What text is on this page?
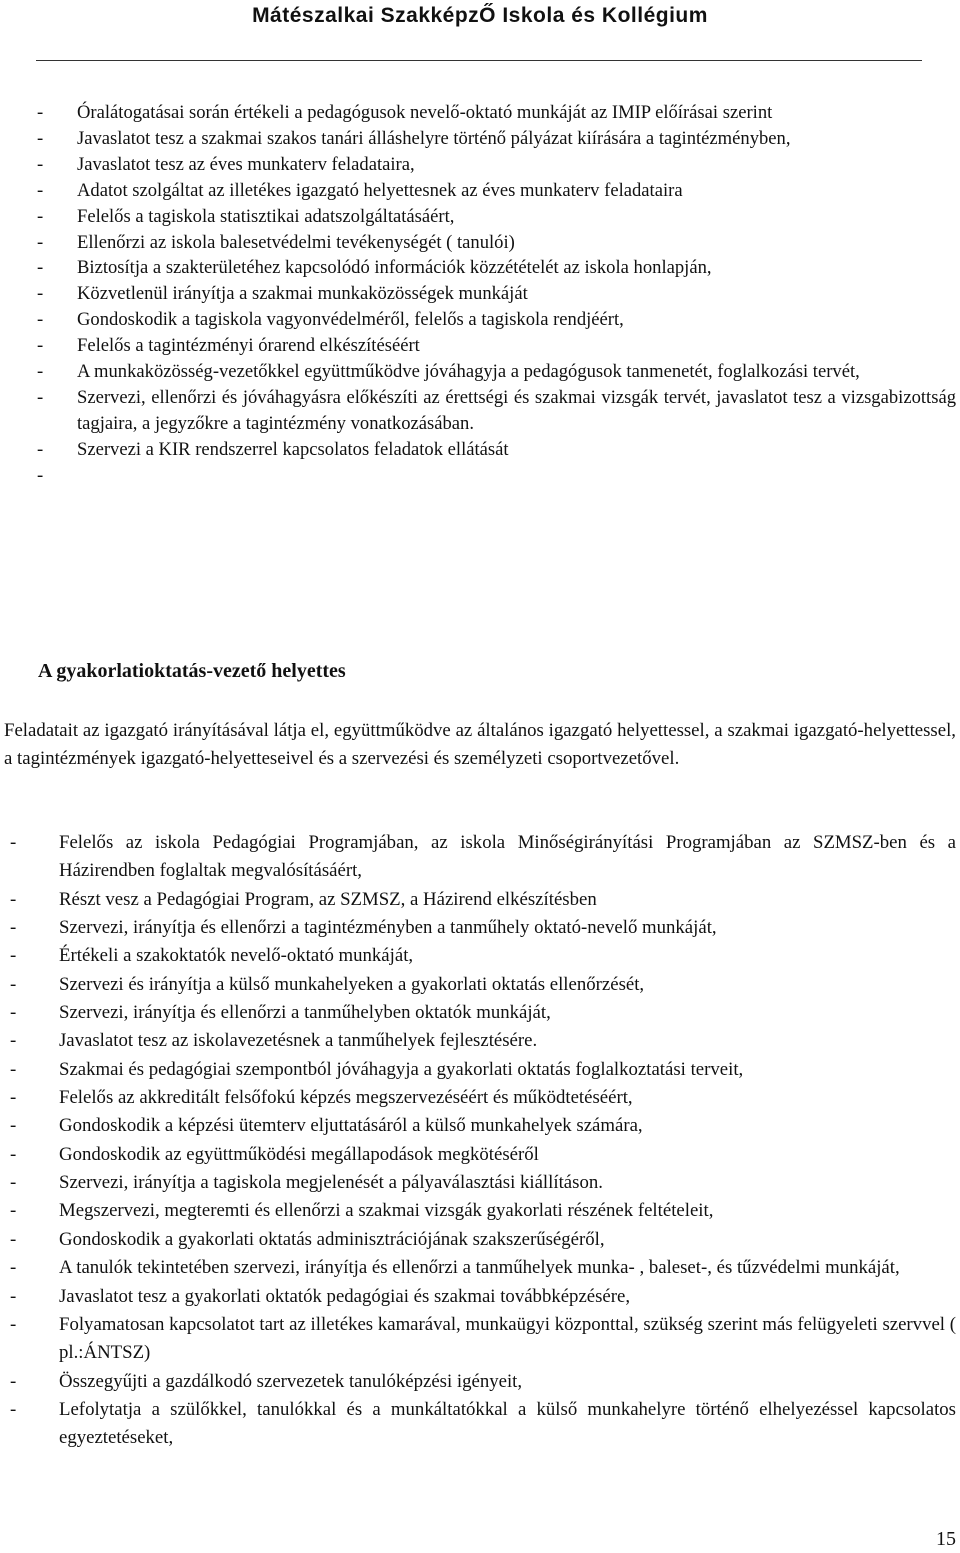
Mátészalkai SzakképzŐ Iskola és Kollégium
- Óralátogatásai során értékeli a pedagógusok nevelő-oktató munkáját az IMIP előírásai szerint
- Javaslatot tesz a szakmai szakos tanári álláshelyre történő pályázat kiírására a tagintézményben,
- Javaslatot tesz az éves munkaterv feladataira,
- Adatot szolgáltat az illetékes igazgató helyettesnek az éves munkaterv feladataira
- Felelős a tagiskola statisztikai adatszolgáltatásáért,
- Ellenőrzi az iskola balesetvédelmi tevékenységét ( tanulói)
- Biztosítja a szakterületéhez kapcsolódó információk közzétételét az iskola honlapján,
- Közvetlenül irányítja a szakmai munkaközösségek munkáját
- Gondoskodik a tagiskola vagyonvédelméről, felelős a tagiskola rendjéért,
- Felelős a tagintézményi órarend elkészítéséért
- A munkaközösség-vezetőkkel együttműködve jóváhagyja a pedagógusok tanmenetét, foglalkozási tervét,
- Szervezi, ellenőrzi és jóváhagyásra előkészíti az érettségi és szakmai vizsgák tervét, javaslatot tesz a vizsgabizottság tagjaira, a jegyzőkre a tagintézmény vonatkozásában.
- Szervezi a KIR rendszerrel kapcsolatos feladatok ellátását
-
A gyakorlatioktatás-vezető helyettes

Feladatait az igazgató irányításával látja el, együttműködve az általános igazgató helyettessel, a szakmai igazgató-helyettessel, a tagintézmények igazgató-helyetteseivel és a szervezési és személyzeti csoportvezetővel.

- Felelős az iskola Pedagógiai Programjában, az iskola Minőségirányítási Programjában az SZMSZ-ben és a Házirendben foglaltak megvalósításáért,
- Részt vesz a Pedagógiai Program, az SZMSZ, a Házirend elkészítésben
- Szervezi, irányítja és ellenőrzi a tagintézményben a tanműhely oktató-nevelő munkáját,
- Értékeli a szakoktatók nevelő-oktató munkáját,
- Szervezi és irányítja a külső munkahelyeken a gyakorlati oktatás ellenőrzését,
- Szervezi, irányítja és ellenőrzi a tanműhelyben oktatók munkáját,
- Javaslatot tesz az iskolavezetésnek a tanműhelyek fejlesztésére.
- Szakmai és pedagógiai szempontból jóváhagyja a gyakorlati oktatás foglalkoztatási terveit,
- Felelős az akkreditált felsőfokú képzés megszervezéséért és működtetéséért,
- Gondoskodik a képzési ütemterv eljuttatásáról a külső munkahelyek számára,
- Gondoskodik az együttműködési megállapodások megkötéséről
- Szervezi, irányítja a tagiskola megjelenését a pályaválasztási kiállításon.
- Megszervezi, megteremti és ellenőrzi a szakmai vizsgák gyakorlati részének feltételeit,
- Gondoskodik a gyakorlati oktatás adminisztrációjának szakszerűségéről,
- A tanulók tekintetében szervezi, irányítja és ellenőrzi a tanműhelyek munka- , baleset-, és tűzvédelmi munkáját,
- Javaslatot tesz a gyakorlati oktatók pedagógiai és szakmai továbbképzésére,
- Folyamatosan kapcsolatot tart az illetékes kamarával, munkaügyi központtal, szükség szerint más felügyeleti szervvel ( pl.:ÁNTSZ)
- Összegyűjti a gazdálkodó szervezetek tanulóképzési igényeit,
- Lefolytatja a szülőkkel, tanulókkal és a munkáltatókkal a külső munkahelyre történő elhelyezéssel kapcsolatos egyeztetéseket,
15
